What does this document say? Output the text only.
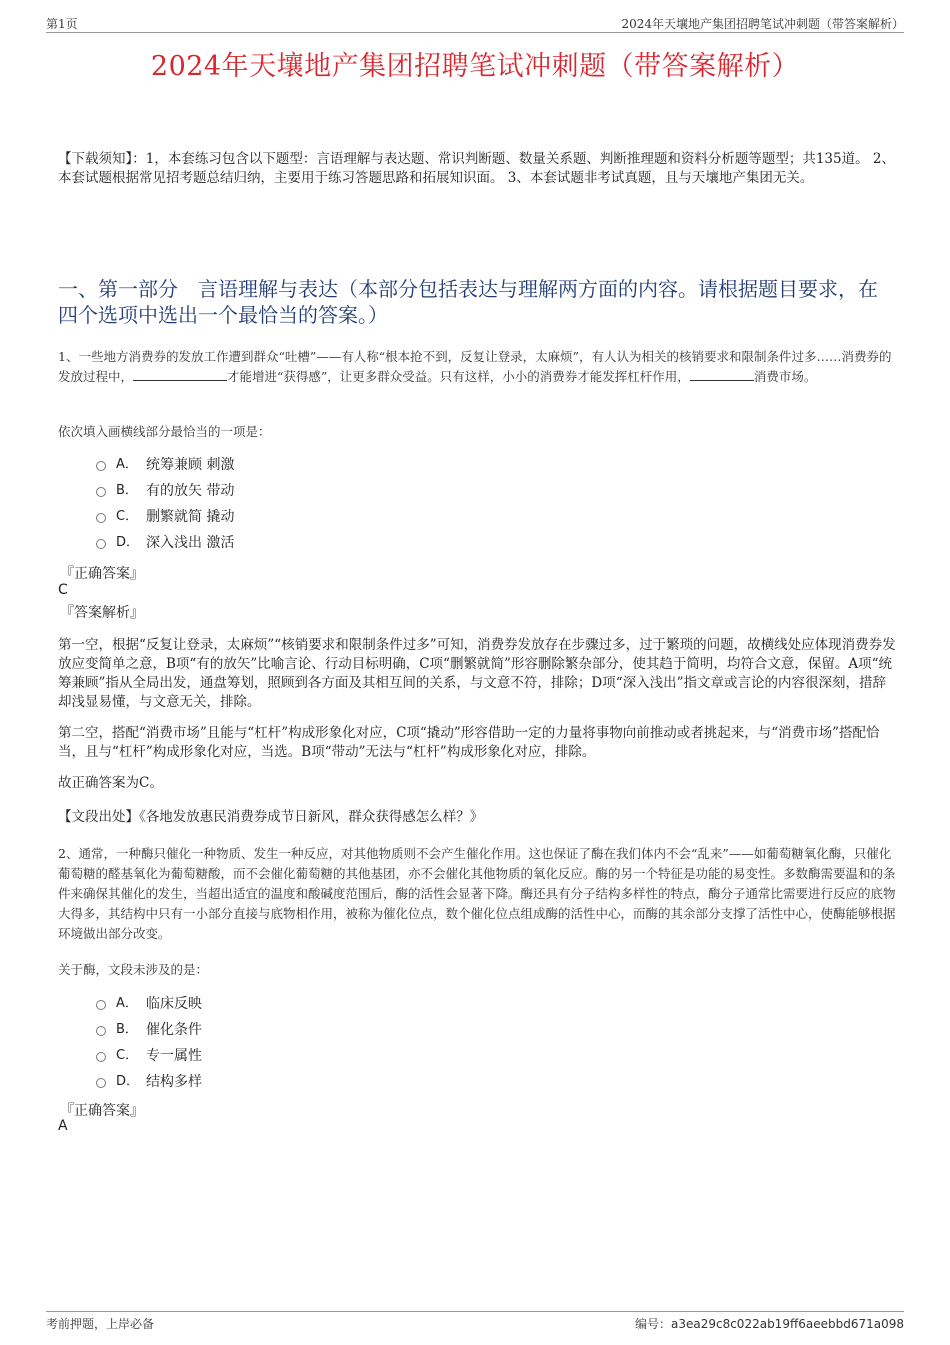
第1页	2024年天壤地产集团招聘笔试冲刺题（带答案解析）
2024年天壤地产集团招聘笔试冲刺题（带答案解析）
【下载须知】：1，本套练习包含以下题型：言语理解与表达题、常识判断题、数量关系题、判断推理题和资料分析题等题型；共135道。 2、本套试题根据常见招考题总结归纳，主要用于练习答题思路和拓展知识面。 3、本套试题非考试真题，且与天壤地产集团无关。
一、第一部分　言语理解与表达（本部分包括表达与理解两方面的内容。请根据题目要求，在四个选项中选出一个最恰当的答案。）
1、一些地方消费券的发放工作遭到群众“吐槽”——有人称“根本抢不到，反复让登录，太麻烦”，有人认为相关的核销要求和限制条件过多……消费券的发放过程中，	才能增进“获得感”，让更多群众受益。只有这样，小小的消费券才能发挥杠杆作用，	消费市场。
依次填入画横线部分最恰当的一项是：
A． 统筹兼顾 刺激
B． 有的放矢 带动
C． 删繁就简 撬动
D． 深入浅出 激活
『正确答案』
C
『答案解析』
第一空，根据“反复让登录，太麻烦”“核销要求和限制条件过多”可知，消费券发放存在步骤过多，过于繁琐的问题，故横线处应体现消费券发放应变简单之意，B项“有的放矢”比喻言论、行动目标明确，C项“删繁就简”形容删除繁杂部分，使其趋于简明，均符合文意，保留。A项“统筹兼顾”指从全局出发，通盘筹划，照顾到各方面及其相互间的关系，与文意不符，排除；D项“深入浅出”指文章或言论的内容很深刻，措辞却浅显易懂，与文意无关，排除。
第二空，搭配“消费市场”且能与“杠杆”构成形象化对应，C项“撬动”形容借助一定的力量将事物向前推动或者挑起来，与“消费市场”搭配恰当，且与“杠杆”构成形象化对应，当选。B项“带动”无法与“杠杆”构成形象化对应，排除。
故正确答案为C。
【文段出处】《各地发放惠民消费券成节日新风，群众获得感怎么样？》
2、通常，一种酶只催化一种物质、发生一种反应，对其他物质则不会产生催化作用。这也保证了酶在我们体内不会“乱来”——如葡萄糖氧化酶，只催化葡萄糖的醛基氧化为葡萄糖酸，而不会催化葡萄糖的其他基团，亦不会催化其他物质的氧化反应。酶的另一个特征是功能的易变性。多数酶需要温和的条件来确保其催化的发生，当超出适宜的温度和酸碱度范围后，酶的活性会显著下降。酶还具有分子结构多样性的特点，酶分子通常比需要进行反应的底物大得多，其结构中只有一小部分直接与底物相作用，被称为催化位点，数个催化位点组成酶的活性中心，而酶的其余部分支撑了活性中心，使酶能够根据环境做出部分改变。
关于酶，文段未涉及的是：
A． 临床反映
B． 催化条件
C． 专一属性
D． 结构多样
『正确答案』
A
考前押题，上岸必备	编号：a3ea29c8c022ab19ff6aeebbd671a098
